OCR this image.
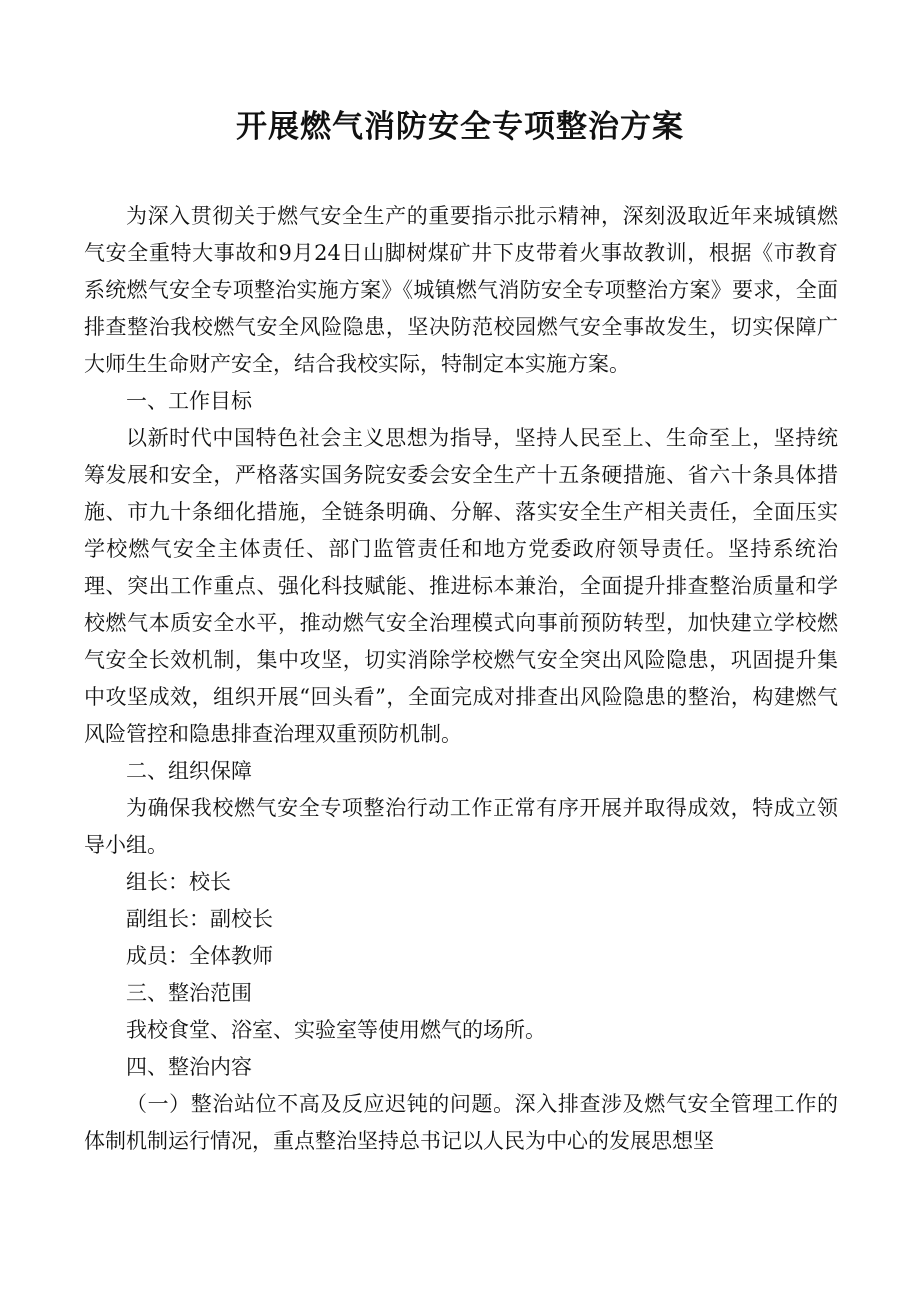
开展燃气消防安全专项整治方案

为深入贯彻关于燃气安全生产的重要指示批示精神，深刻汲取近年来城镇燃气安全重特大事故和9月24日山脚树煤矿井下皮带着火事故教训，根据《市教育系统燃气安全专项整治实施方案》《城镇燃气消防安全专项整治方案》要求，全面排查整治我校燃气安全风险隐患，坚决防范校园燃气安全事故发生，切实保障广大师生生命财产安全，结合我校实际，特制定本实施方案。

一、工作目标

以新时代中国特色社会主义思想为指导，坚持人民至上、生命至上，坚持统筹发展和安全，严格落实国务院安委会安全生产十五条硬措施、省六十条具体措施、市九十条细化措施，全链条明确、分解、落实安全生产相关责任，全面压实学校燃气安全主体责任、部门监管责任和地方党委政府领导责任。坚持系统治理、突出工作重点、强化科技赋能、推进标本兼治，全面提升排查整治质量和学校燃气本质安全水平，推动燃气安全治理模式向事前预防转型，加快建立学校燃气安全长效机制，集中攻坚，切实消除学校燃气安全突出风险隐患，巩固提升集中攻坚成效，组织开展“回头看”，全面完成对排查出风险隐患的整治，构建燃气风险管控和隐患排查治理双重预防机制。

二、组织保障

为确保我校燃气安全专项整治行动工作正常有序开展并取得成效，特成立领导小组。

组长：校长

副组长：副校长

成员：全体教师

三、整治范围

我校食堂、浴室、实验室等使用燃气的场所。

四、整治内容

（一）整治站位不高及反应迟钝的问题。深入排查涉及燃气安全管理工作的体制机制运行情况，重点整治坚持总书记以人民为中心的发展思想坚
